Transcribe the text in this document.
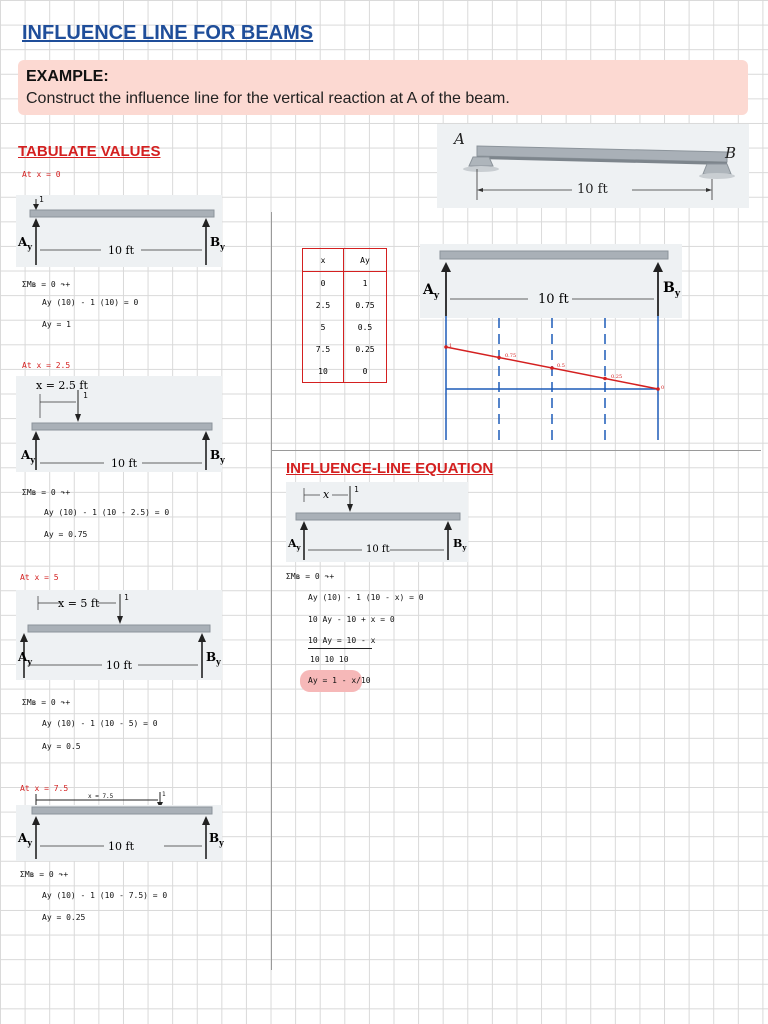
INFLUENCE LINE FOR BEAMS
EXAMPLE:
Construct the influence line for the vertical reaction at A of the beam.
A
B
10 ft
TABULATE VALUES
At x = 0
1
$A_y$	$B_y$
10 ft
ΣMʙ = 0 ↷+
Ay (10) - 1 (10) = 0
Ay = 1
At x = 2.5
x = 2.5 ft
1
$A_y$	$B_y$
10 ft
ΣMʙ = 0 ↷+
Ay (10) - 1 (10 - 2.5) = 0
Ay = 0.75
At x = 5
x = 5 ft	1
$A_y$	$B_y$
10 ft
ΣMʙ = 0 ↷+
Ay (10) - 1 (10 - 5) = 0
Ay = 0.5
At x = 7.5
x = 7.5	1
$A_y$	$B_y$
10 ft
ΣMʙ = 0 ↷+
Ay (10) - 1 (10 - 7.5) = 0
Ay = 0.25
x	Ay
0	1
2.5	0.75
5	0.5
7.5	0.25
10	0
$A_y$	$B_y$
10 ft
1
0.75
0.5
0.25
0
INFLUENCE-LINE EQUATION
x	1
$A_y$	$B_y$
10 ft
ΣMʙ = 0 ↷+
Ay (10) - 1 (10 - x) = 0
10 Ay - 10 + x = 0
10 Ay = 10 - x
10 10 10
Ay = 1 - x/10
